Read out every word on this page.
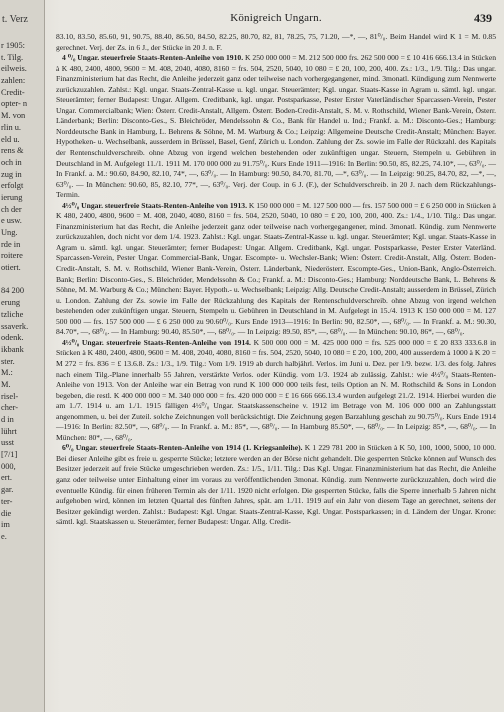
t. Verz
r 1905:
t. Tilg.
eilweis.
zahlen:
Credit-
opter- n
M. von
rlin u.
eld u.
rens &
och in
zug in
erfolgt
ierung
ch der
e usw.
Ung.
rde in
roitere
otiert.
84 200
erung
tzliche
ssaverk.
odenk.
ikbank
ster.
M.:
M.
risel-
cher-
d in
lührt
usst
[7/1]
000,
ert.
gar.
ter-
die
im
e.
Königreich Ungarn.	439

83.10, 83.50, 85.60, 91, 90.75, 88.40, 86.50, 84.50, 82.25, 80.70, 82, 81, 78.25, 75, 71.20, —*, —, 81⁰/₀. Beim Handel wird K 1 = M. 0.85 gerechnet. Verj. der Zs. in 6 J., der Stücke in 20 J. n. F.

4 ⁰/₀ Ungar. steuerfreie Staats-Renten-Anleihe von 1910. K 250 000 000 = M. 212 500 000 frs. 262 500 000 = £ 10 416 666.13.4 in Stücken à K 480, 2400, 4800, 9600 = M. 408, 2040, 4080, 8160 = frs. 504, 2520, 5040, 10 080 = £ 20, 100, 200, 400. Zs.: 1/3., 1/9. Tilg.: Das ungar. Finanzministerium hat das Recht, die Anleihe jederzeit ganz oder teilweise nach vorhergegangener, mind. 3monatl. Kündigung zum Nennwerte zurückzuzahlen. Zahlst.: Kgl. ungar. Staats-Zentral-Kasse u. kgl. ungar. Steuerämter; Kgl. ungar. Staats-Kasse in Agram u. sämtl. kgl. ungar. Steuerämter; ferner Budapest: Ungar. Allgem. Creditbank, kgl. ungar. Postsparkasse, Pester Erster Vaterländischer Sparcassen-Verein, Pester Ungar. Commercialbank; Wien: Österr. Credit-Anstalt, Allgem. Österr. Boden-Credit-Anstalt, S. M. v. Rothschild, Wiener Bank-Verein, Österr. Länderbank; Berlin: Disconto-Ges., S. Bleichröder, Mendelssohn & Co., Bank für Handel u. Ind.; Frankf. a. M.: Disconto-Ges.; Hamburg: Norddeutsche Bank in Hamburg, L. Behrens & Söhne, M. M. Warburg & Co.; Leipzig: Allgemeine Deutsche Credit-Anstalt; München: Bayer. Hypotheken- u. Wechselbank, ausserdem in Brüssel, Basel, Genf, Zürich u. London. Zahlung der Zs. sowie im Falle der Rückzahl. des Kapitals der Rentenschuldverschreib. ohne Abzug von irgend welchen bestehenden oder zukünftigen ungar. Steuern, Stempeln u. Gebühren in Deutschland in M. Aufgelegt 11./1. 1911 M. 170 000 000 zu 91.75⁰/₀. Kurs Ende 1911—1916: In Berlin: 90.50, 85, 82.25, 74.10*, —, 63⁰/₀. — In Frankf. a. M.: 90.60, 84.90, 82.10, 74*, —, 63⁰/₀. — In Hamburg: 90.50, 84.70, 81.70, —*, 63⁰/₀. — In Leipzig: 90.25, 84.70, 82, —*, —, 63⁰/₀. — In München: 90.60, 85, 82.10, 77*, —, 63⁰/₀. Verj. der Coup. in 6 J. (F.), der Schuldverschreib. in 20 J. nach dem Rückzahlungs-Termin.

4½⁰/₀ Ungar. steuerfreie Staats-Renten-Anleihe von 1913. K 150 000 000 = M. 127 500 000 — frs. 157 500 000 = £ 6 250 000 in Stücken à K 480, 2400, 4800, 9600 = M. 408, 2040, 4080, 8160 = frs. 504, 2520, 5040, 10 080 = £ 20, 100, 200, 400. Zs.: 1/4., 1/10. Tilg.: Das ungar. Finanzministerium hat das Recht, die Anleihe jederzeit ganz oder teilweise nach vorhergegangener, mind. 3monatl. Kündig. zum Nennwerte zurückzuzahlen, doch nicht vor dem 1/4. 1923. Zahlst.: Kgl. ungar. Staats-Zentral-Kasse u. kgl. ungar. Steuerämter; Kgl. ungar. Staats-Kasse in Agram u. sämtl. kgl. ungar. Steuerämter; ferner Budapest: Ungar. Allgem. Creditbank, Kgl. ungar. Postsparkasse, Pester Erster Vaterländ. Sparcassen-Verein, Pester Ungar. Commercial-Bank, Ungar. Escompte- u. Wechsler-Bank; Wien: Österr. Credit-Anstalt, Allg. Österr. Boden-Credit-Anstalt, S. M. v. Rothschild, Wiener Bank-Verein, Österr. Länderbank, Niederösterr. Escompte-Ges., Union-Bank, Anglo-Österreich. Bank; Berlin: Disconto-Ges., S. Bleichröder, Mendelssohn & Co.; Frankf. a. M.: Disconto-Ges.; Hamburg: Norddeutsche Bank, L. Behrens & Söhne, M. M. Warburg & Co.; München: Bayer. Hypoth.- u. Wechselbank; Leipzig: Allg. Deutsche Credit-Anstalt; ausserdem in Brüssel, Zürich u. London. Zahlung der Zs. sowie im Falle der Rückzahlung des Kapitals der Rentenschuldverschreib. ohne Abzug von irgend welchen bestehenden oder zukünftigen ungar. Steuern, Stempeln u. Gebühren in Deutschland in M. Aufgelegt in 15./4. 1913 K 150 000 000 = M. 127 500 000 — frs. 157 500 000 — £ 6 250 000 zu 90.60⁰/₀. Kurs Ende 1913—1916: In Berlin: 90, 82.50*, —, 68⁰/₀. — In Frankf. a. M.: 90.30, 84.70*, —, 68⁰/₀. — In Hamburg: 90.40, 85.50*, —, 68⁰/₀. — In Leipzig: 89.50, 85*, —, 68⁰/₀. — In München: 90.10, 86*, —, 68⁰/₀.

4½⁰/₀ Ungar. steuerfreie Staats-Renten-Anleihe von 1914. K 500 000 000 = M. 425 000 000 = frs. 525 000 000 = £ 20 833 333.6.8 in Stücken à K 480, 2400, 4800, 9600 = M. 408, 2040, 4080, 8160 = frs. 504, 2520, 5040, 10 080 = £ 20, 100, 200, 400 ausserdem à 1000 à K 20 = M 272 = frs. 836 = £ 13.6.8. Zs.: 1/3., 1/9. Tilg.: Vom 1/9. 1919 ab durch halbjährl. Verlos. im Juni u. Dez. per 1/9. bezw. 1/3. des folg. Jahres nach einem Tilg.-Plane innerhalb 55 Jahren, verstärkte Verlos. oder Kündig. vom 1/3. 1924 ab zulässig. Zahlst.: wie 4½⁰/₀ Staats-Renten-Anleihe von 1913. Von der Anleihe war ein Betrag von rund K 100 000 000 teils fest, teils Option an N. M. Rothschild & Sons in London begeben, die restl. K 400 000 000 = M. 340 000 000 = frs. 420 000 000 = £ 16 666 666.13.4 wurden aufgelegt 21./2. 1914. Hierbei wurden die am 1./7. 1914 u. am 1./1. 1915 fälligen 4½⁰/₀ Ungar. Staatskassenscheine v. 1912 im Betrage von M. 106 000 000 an Zahlungsstatt angenommen, u. bei der Zuteil. solche Zeichnungen voll berücksichtigt. Die Zeichnung gegen Barzahlung geschah zu 90.75⁰/₀. Kurs Ende 1914—1916: In Berlin: 82.50*, —, 68⁰/₀. — In Frankf. a. M.: 85*, —, 68⁰/₀. — In Hamburg 85.50*, —, 68⁰/₀. — In Leipzig: 85*, —, 68⁰/₀. — In München: 80*, —, 68⁰/₀.

6⁰/₀ Ungar. steuerfreie Staats-Renten-Anleihe von 1914 (1. Kriegsanleihe). K 1 229 781 200 in Stücken à K 50, 100, 1000, 5000, 10 000. Bei dieser Anleihe gibt es freie u. gesperrte Stücke; letztere werden an der Börse nicht gehandelt. Die gesperrten Stücke können auf Wunsch des Besitzer jederzeit auf freie Stücke umgeschrieben werden. Zs.: 1/5., 1/11. Tilg.: Das Kgl. Ungar. Finanzministerium hat das Recht, die Anleihe ganz oder teilweise unter Einhaltung einer im voraus zu veröffentlichenden 3monat. Kündig. zum Nennwerte zurückzuzahlen, doch wird die eventuelle Kündig. für einen früheren Termin als der 1/11. 1920 nicht erfolgen. Die gesperrten Stücke, falls die Sperre innerhalb 5 Jahren nicht aufgehoben wird, können im letzten Quartal des fünften Jahres, spät. am 1./11. 1919 auf ein Jahr von diesem Tage an gerechnet, seitens der Besitzer gekündigt werden. Zahlst.: Budapest: Kgl. Ungar. Staats-Zentral-Kasse, Kgl. Ungar. Postsparkassen; in d. Ländern der Ungar. Krone: sämtl. kgl. Staatskassen u. Steuerämter, ferner Budapest: Ungar. Allg. Credit-
